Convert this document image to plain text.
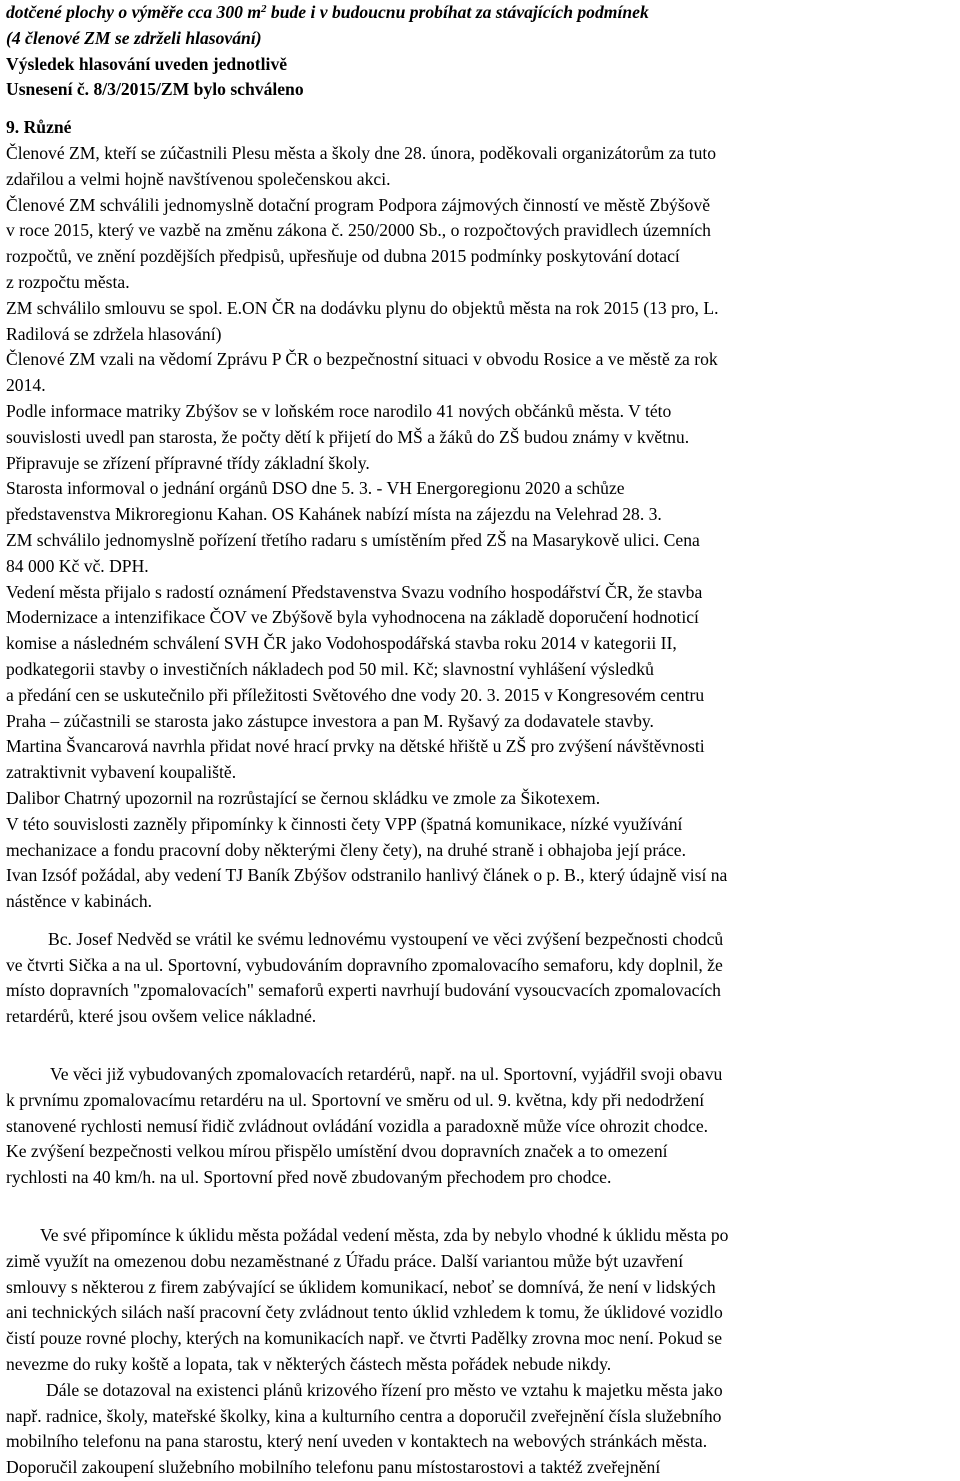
dotčené plochy o výměře cca 300 $m^2$ bude i v budoucnu probíhat za stávajících podmínek
(4 členové ZM se zdrželi hlasování)
Výsledek hlasování uveden jednotlivě
Usnesení č. 8/3/2015/ZM bylo schváleno
9. Různé
Členové ZM, kteří se zúčastnili Plesu města a školy dne 28. února, poděkovali organizátorům za tuto
zdařilou a velmi hojně navštívenou společenskou akci.
Členové ZM schválili jednomyslně dotační program Podpora zájmových činností ve městě Zbýšově
v roce 2015, který ve vazbě na změnu zákona č. 250/2000 Sb., o rozpočtových pravidlech územních
rozpočtů, ve znění pozdějších předpisů, upřesňuje od dubna 2015 podmínky poskytování dotací
z rozpočtu města.
ZM schválilo smlouvu se spol. E.ON ČR na dodávku plynu do objektů města na rok 2015 (13 pro, L.
Radilová se zdržela hlasování)
Členové ZM vzali na vědomí Zprávu P ČR o bezpečnostní situaci v obvodu Rosice a ve městě za rok
2014.
Podle informace matriky Zbýšov se v loňském roce narodilo 41 nových občánků města. V této
souvislosti uvedl pan starosta, že počty dětí k přijetí do MŠ a žáků do ZŠ budou známy v květnu.
Připravuje se zřízení přípravné třídy základní školy.
Starosta informoval o jednání orgánů DSO dne 5. 3. - VH Energoregionu 2020 a schůze
představenstva Mikroregionu Kahan. OS Kahánek nabízí místa na zájezdu na Velehrad 28. 3.
ZM schválilo jednomyslně pořízení třetího radaru s umístěním před ZŠ na Masarykově ulici. Cena
84 000 Kč vč. DPH.
Vedení města přijalo s radostí oznámení Představenstva Svazu vodního hospodářství ČR, že stavba
Modernizace a intenzifikace ČOV ve Zbýšově byla vyhodnocena na základě doporučení hodnoticí
komise a následném schválení SVH ČR jako Vodohospodářská stavba roku 2014 v kategorii II,
podkategorii stavby o investičních nákladech pod 50 mil. Kč; slavnostní vyhlášení výsledků
a předání cen se uskutečnilo při příležitosti Světového dne vody 20. 3. 2015 v Kongresovém centru
Praha – zúčastnili se starosta jako zástupce investora a pan M. Ryšavý za dodavatele stavby.
Martina Švancarová navrhla přidat nové hrací prvky na dětské hřiště u ZŠ pro zvýšení návštěvnosti
zatraktivnit vybavení koupaliště.
Dalibor Chatrný upozornil na rozrůstající se černou skládku ve zmole za Šikotexem.
V této souvislosti zazněly připomínky k činnosti čety VPP (špatná komunikace, nízké využívání
mechanizace a fondu pracovní doby některými členy čety), na druhé straně i obhajoba její práce.
Ivan Izsóf požádal, aby vedení TJ Baník Zbýšov odstranilo hanlivý článek o p. B., který údajně visí na
nástěnce v kabinách.
Bc. Josef Nedvěd se vrátil ke svému lednovému vystoupení ve věci zvýšení bezpečnosti chodců
ve čtvrti Sička a na ul. Sportovní, vybudováním dopravního zpomalovacího semaforu, kdy doplnil, že
místo dopravních "zpomalovacích" semaforů experti navrhují budování vysoucvacích zpomalovacích
retardérů, které jsou ovšem velice nákladné.
Ve věci již vybudovaných zpomalovacích retardérů, např. na ul. Sportovní, vyjádřil svoji obavu
k prvnímu zpomalovacímu retardéru na ul. Sportovní ve směru od ul. 9. května, kdy při nedodržení
stanovené rychlosti nemusí řidič zvládnout ovládání vozidla a paradoxně může více ohrozit chodce.
Ke zvýšení bezpečnosti velkou mírou přispělo umístění dvou dopravních značek a to omezení
rychlosti na 40 km/h. na ul. Sportovní před nově zbudovaným přechodem pro chodce.
Ve své připomínce k úklidu města požádal vedení města, zda by nebylo vhodné k úklidu města po
zimě využít na omezenou dobu nezaměstnané z Úřadu práce. Další variantou může být uzavření
smlouvy s některou z firem zabývající se úklidem komunikací, neboť se domnívá, že není v lidských
ani technických silách naší pracovní čety zvládnout tento úklid vzhledem k tomu, že úklidové vozidlo
čistí pouze rovné plochy, kterých na komunikacích např. ve čtvrti Padělky zrovna moc není. Pokud se
nevezme do ruky koště a lopata, tak v některých částech města pořádek nebude nikdy.
Dále se dotazoval na existenci plánů krizového řízení pro město ve vztahu k majetku města jako
např. radnice, školy, mateřské školky, kina a kulturního centra a doporučil zveřejnění čísla služebního
mobilního telefonu na pana starostu, který není uveden v kontaktech na webových stránkách města.
Doporučil zakoupení služebního mobilního telefonu panu místostarostovi a taktéž zveřejnění
